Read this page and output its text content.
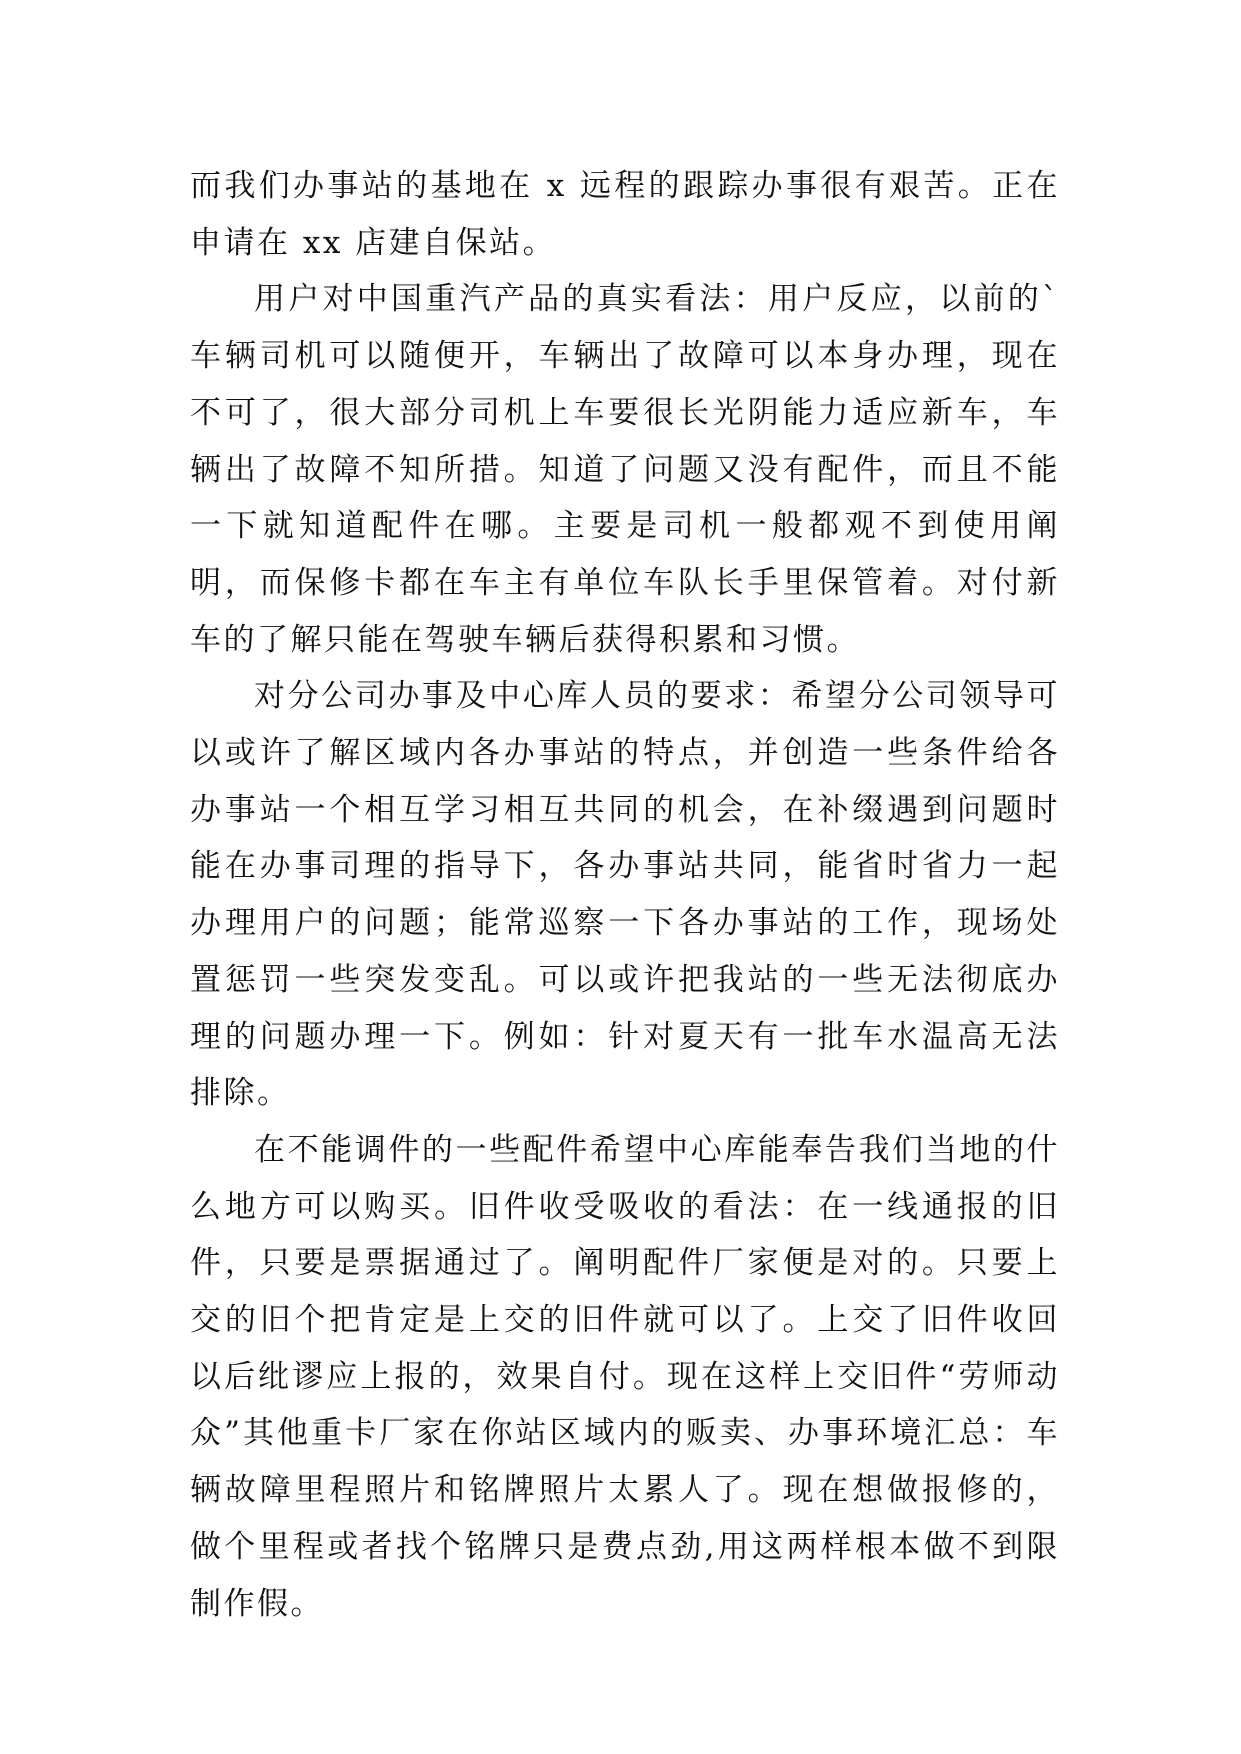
而我们办事站的基地在 x 远程的跟踪办事很有艰苦。正在申请在 xx 店建自保站。

用户对中国重汽产品的真实看法：用户反应，以前的`车辆司机可以随便开，车辆出了故障可以本身办理，现在不可了，很大部分司机上车要很长光阴能力适应新车，车辆出了故障不知所措。知道了问题又没有配件，而且不能一下就知道配件在哪。主要是司机一般都观不到使用阐明，而保修卡都在车主有单位车队长手里保管着。对付新车的了解只能在驾驶车辆后获得积累和习惯。

对分公司办事及中心库人员的要求：希望分公司领导可以或许了解区域内各办事站的特点，并创造一些条件给各办事站一个相互学习相互共同的机会，在补缀遇到问题时能在办事司理的指导下，各办事站共同，能省时省力一起办理用户的问题；能常巡察一下各办事站的工作，现场处置惩罚一些突发变乱。可以或许把我站的一些无法彻底办理的问题办理一下。例如：针对夏天有一批车水温高无法排除。

在不能调件的一些配件希望中心库能奉告我们当地的什么地方可以购买。旧件收受吸收的看法：在一线通报的旧件，只要是票据通过了。阐明配件厂家便是对的。只要上交的旧个把肯定是上交的旧件就可以了。上交了旧件收回以后纰谬应上报的，效果自付。现在这样上交旧件“劳师动众”其他重卡厂家在你站区域内的贩卖、办事环境汇总：车辆故障里程照片和铭牌照片太累人了。现在想做报修的，做个里程或者找个铭牌只是费点劲,用这两样根本做不到限制作假。
